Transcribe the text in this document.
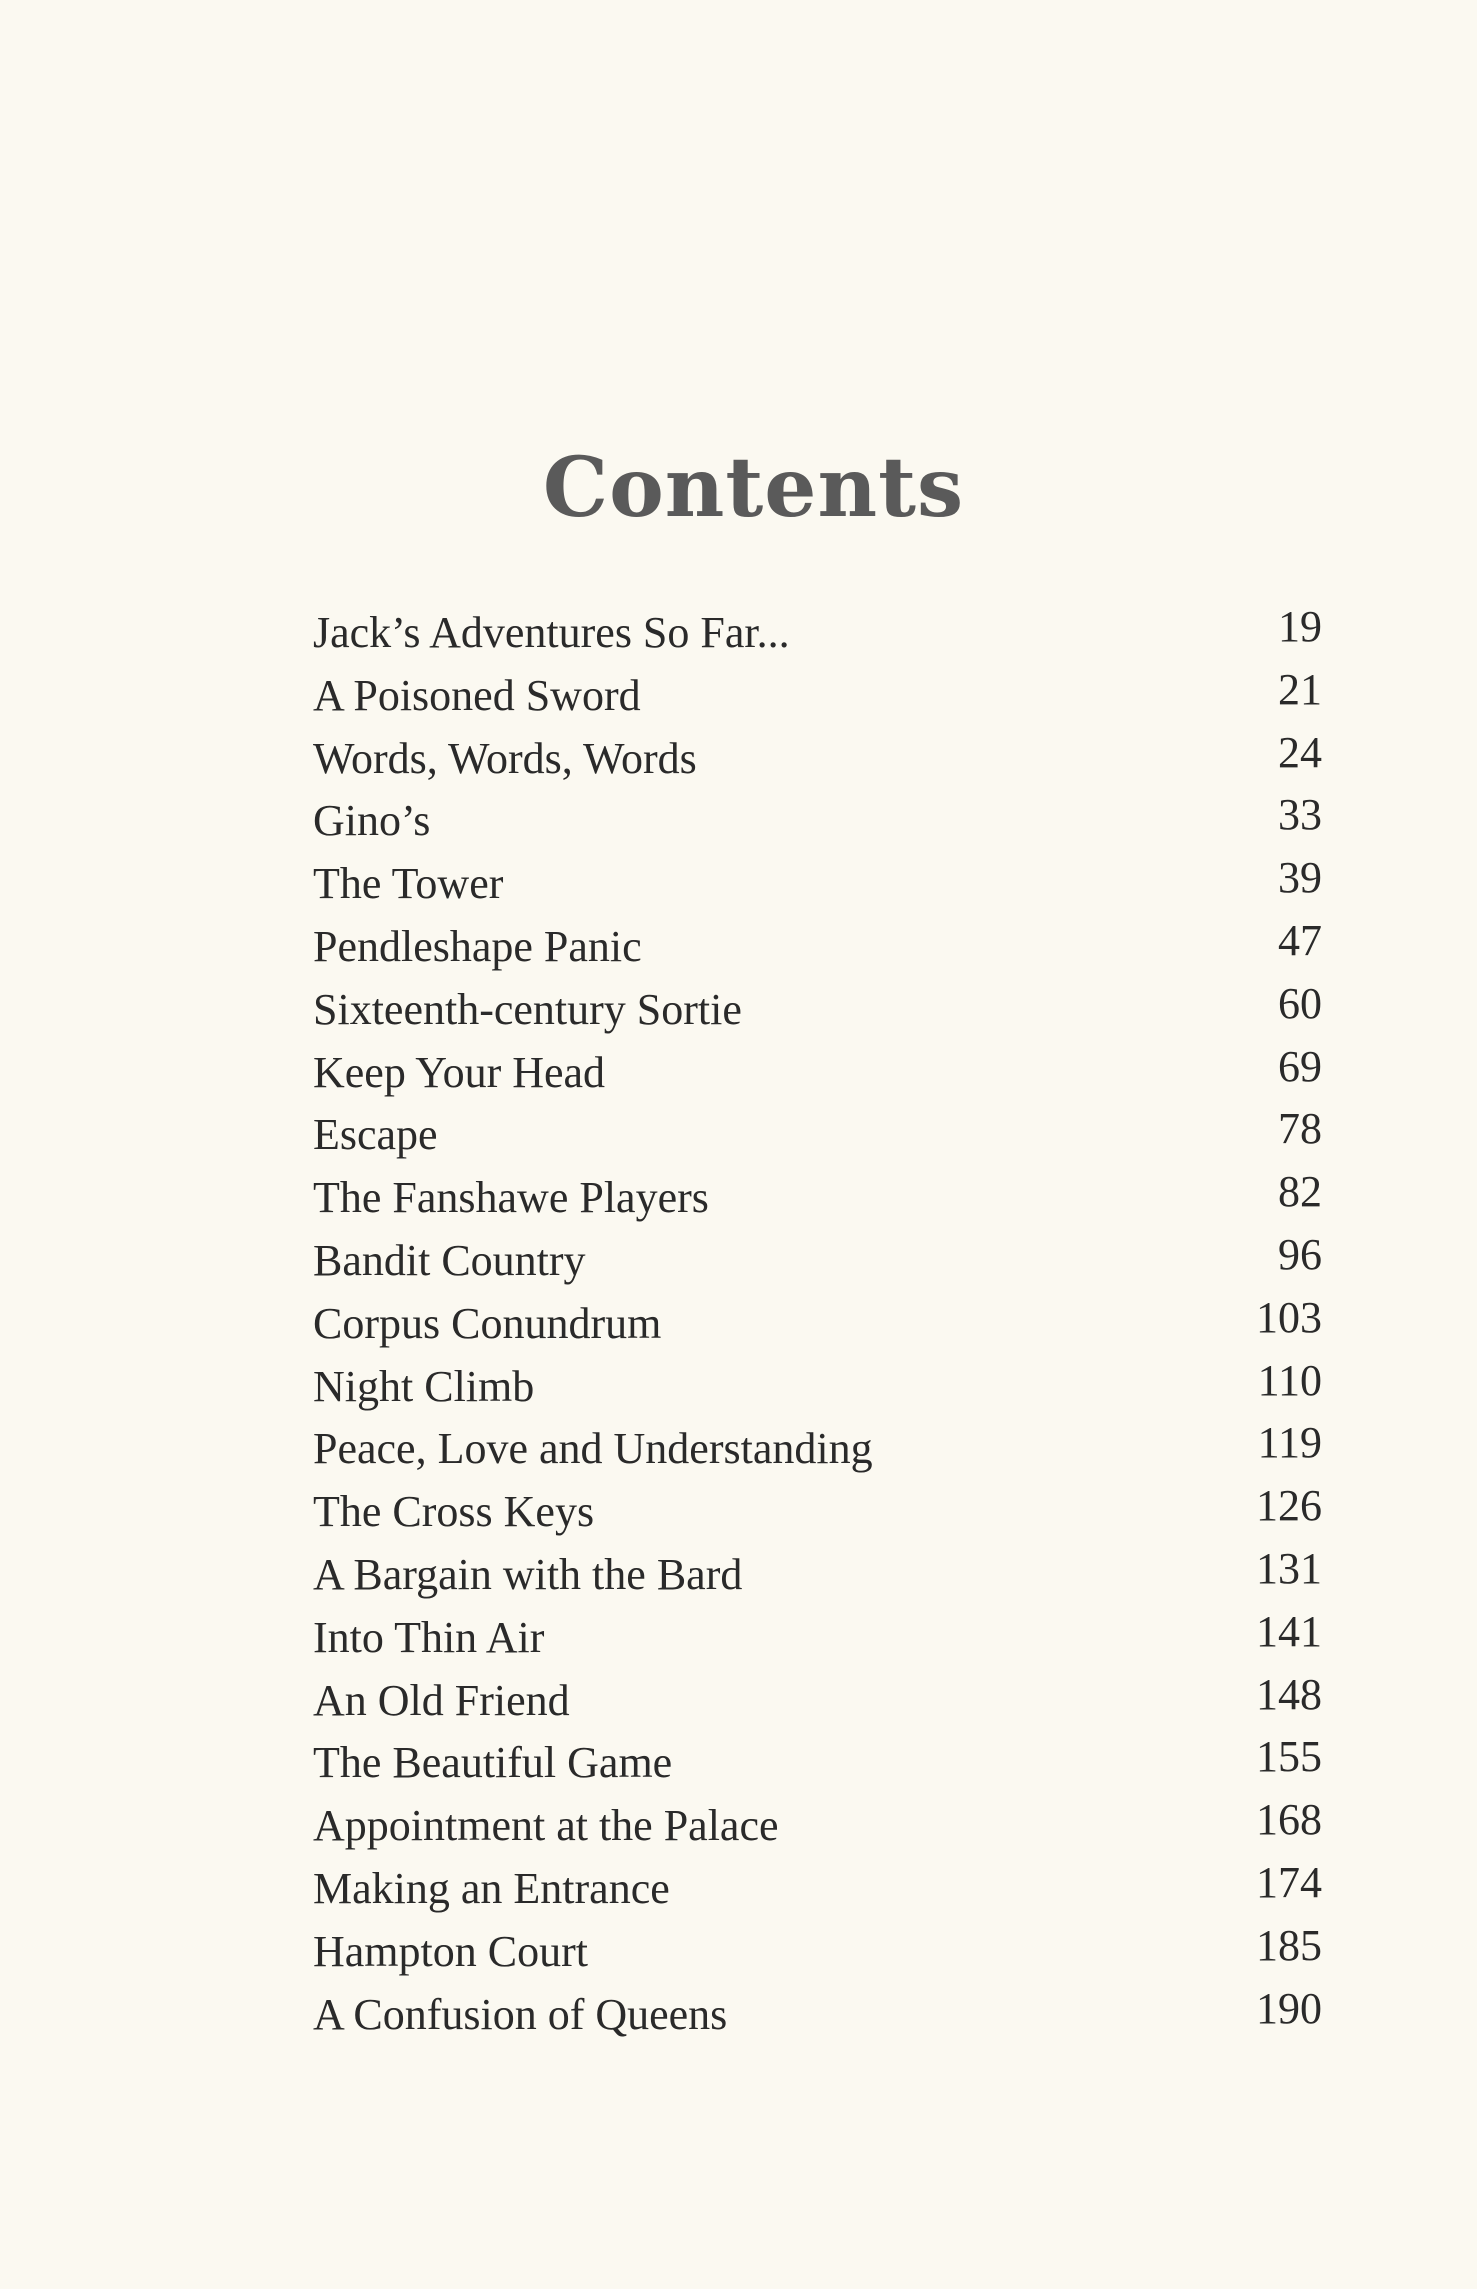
Contents
Jack’s Adventures So Far...	19
A Poisoned Sword	21
Words, Words, Words	24
Gino’s	33
The Tower	39
Pendleshape Panic	47
Sixteenth-century Sortie	60
Keep Your Head	69
Escape	78
The Fanshawe Players	82
Bandit Country	96
Corpus Conundrum	103
Night Climb	110
Peace, Love and Understanding	119
The Cross Keys	126
A Bargain with the Bard	131
Into Thin Air	141
An Old Friend	148
The Beautiful Game	155
Appointment at the Palace	168
Making an Entrance	174
Hampton Court	185
A Confusion of Queens	190
